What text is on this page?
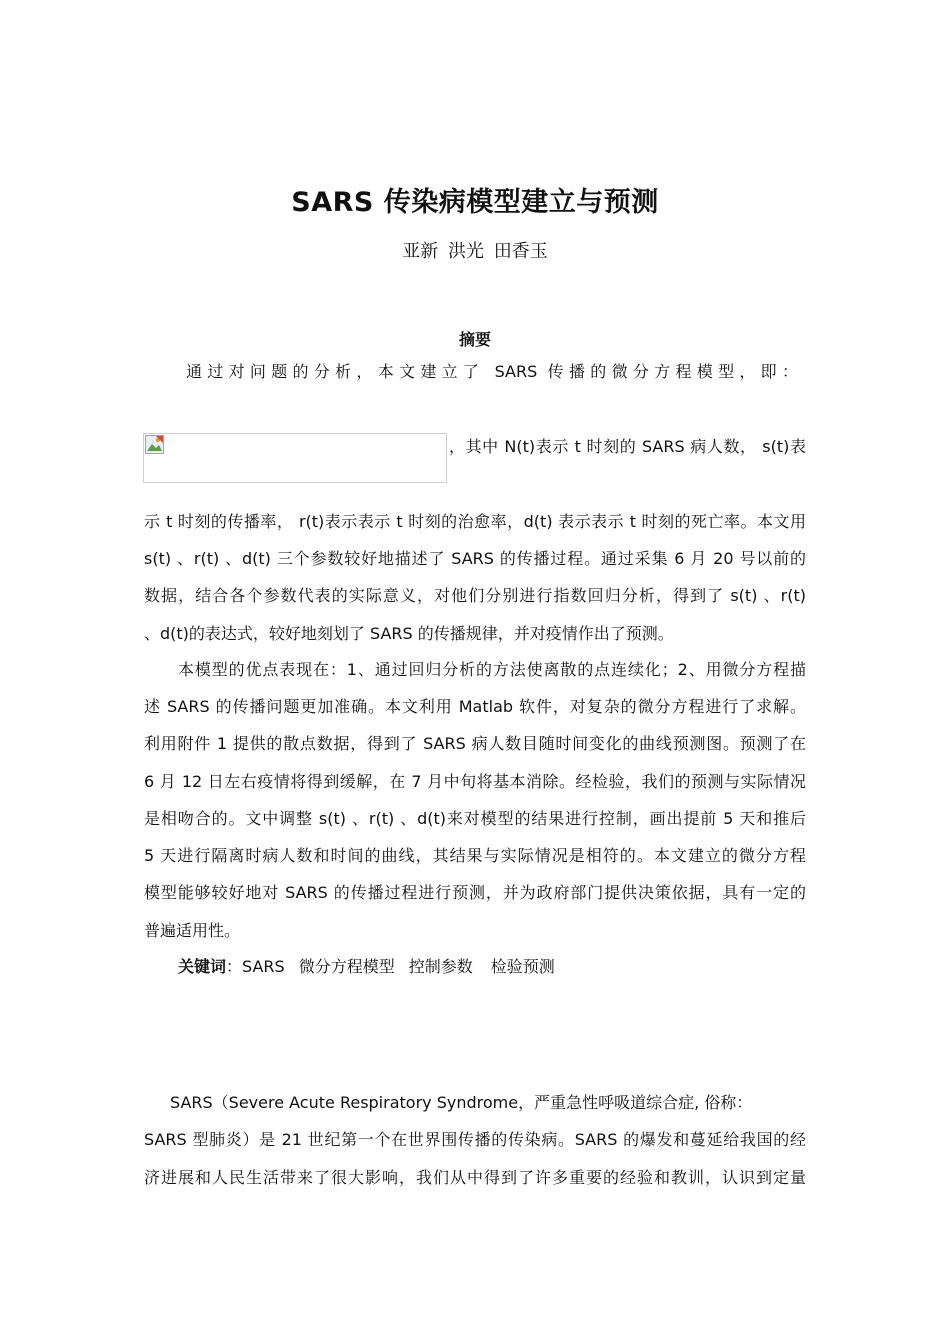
SARS 传染病模型建立与预测
亚新 洪光 田香玉
摘要
通过对问题的分析，本文建立了 SARS 传播的微分方程模型，即：
，其中 N(t)表示 t 时刻的 SARS 病人数， s(t)表
示 t 时刻的传播率， r(t)表示表示 t 时刻的治愈率，d(t) 表示表示 t 时刻的死亡率。本文用
s(t) 、r(t) 、d(t) 三个参数较好地描述了 SARS 的传播过程。通过采集 6 月 20 号以前的
数据，结合各个参数代表的实际意义，对他们分别进行指数回归分析，得到了 s(t) 、r(t)
、d(t)的表达式，较好地刻划了 SARS 的传播规律，并对疫情作出了预测。
本模型的优点表现在：1、通过回归分析的方法使离散的点连续化；2、用微分方程描
述 SARS 的传播问题更加准确。本文利用 Matlab 软件，对复杂的微分方程进行了求解。
利用附件 1 提供的散点数据，得到了 SARS 病人数目随时间变化的曲线预测图。预测了在
6 月 12 日左右疫情将得到缓解，在 7 月中旬将基本消除。经检验，我们的预测与实际情况
是相吻合的。文中调整 s(t) 、r(t) 、d(t)来对模型的结果进行控制，画出提前 5 天和推后
5 天进行隔离时病人数和时间的曲线，其结果与实际情况是相符的。本文建立的微分方程
模型能够较好地对 SARS 的传播过程进行预测，并为政府部门提供决策依据，具有一定的
普遍适用性。
关键词：SARS 微分方程模型 控制参数 检验预测
SARS（Severe Acute Respiratory Syndrome，严重急性呼吸道综合症, 俗称：
SARS 型肺炎）是 21 世纪第一个在世界围传播的传染病。SARS 的爆发和蔓延给我国的经
济进展和人民生活带来了很大影响，我们从中得到了许多重要的经验和教训，认识到定量
